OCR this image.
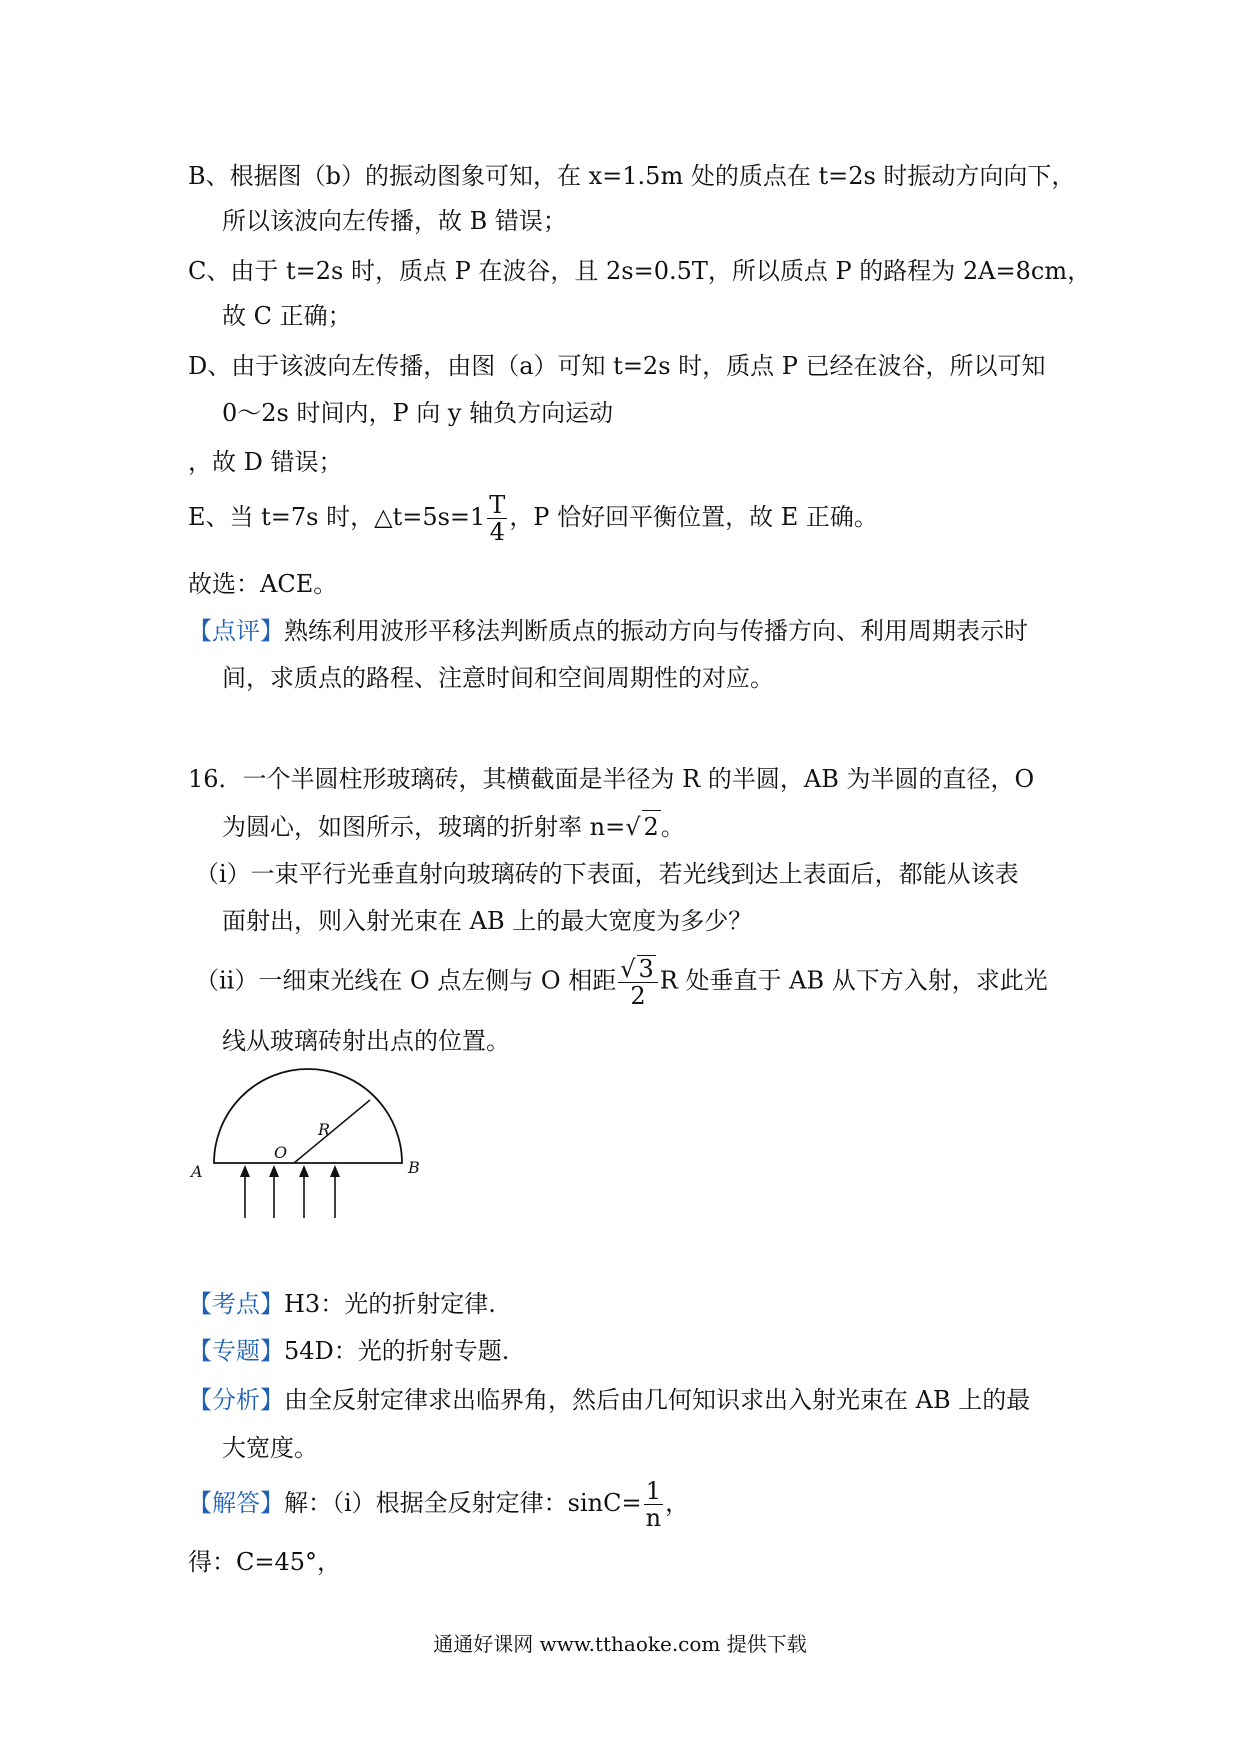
B、根据图（b）的振动图象可知，在 x=1.5m 处的质点在 t=2s 时振动方向向下，
所以该波向左传播，故 B 错误；
C、由于 t=2s 时，质点 P 在波谷，且 2s=0.5T，所以质点 P 的路程为 2A=8cm，
故 C 正确；
D、由于该波向左传播，由图（a）可知 t=2s 时，质点 P 已经在波谷，所以可知
0～2s 时间内，P 向 y 轴负方向运动
，故 D 错误；
E、当 t=7s 时，△t=5s=1 $\frac{T}{4}$ ，P 恰好回平衡位置，故 E 正确。
故选：ACE。
【点评】熟练利用波形平移法判断质点的振动方向与传播方向、利用周期表示时
间，求质点的路程、注意时间和空间周期性的对应。
16．一个半圆柱形玻璃砖，其横截面是半径为 R 的半圆，AB 为半圆的直径，O
为圆心，如图所示，玻璃的折射率 n=√ 2。
（i）一束平行光垂直射向玻璃砖的下表面，若光线到达上表面后，都能从该表
面射出，则入射光束在 AB 上的最大宽度为多少？
（ii）一细束光线在 O 点左侧与 O 相距 $\frac{√ 3}{2}$ R 处垂直于 AB 从下方入射，求此光
线从玻璃砖射出点的位置。
A	B
O
R
【考点】H3：光的折射定律.
【专题】54D：光的折射专题.
【分析】由全反射定律求出临界角，然后由几何知识求出入射光束在 AB 上的最
大宽度。
【解答】解：（i）根据全反射定律：$\sin C= \frac{1}{n}$ ，
得：C=45°，
通通好课网 www.tthaoke.com 提供下载
